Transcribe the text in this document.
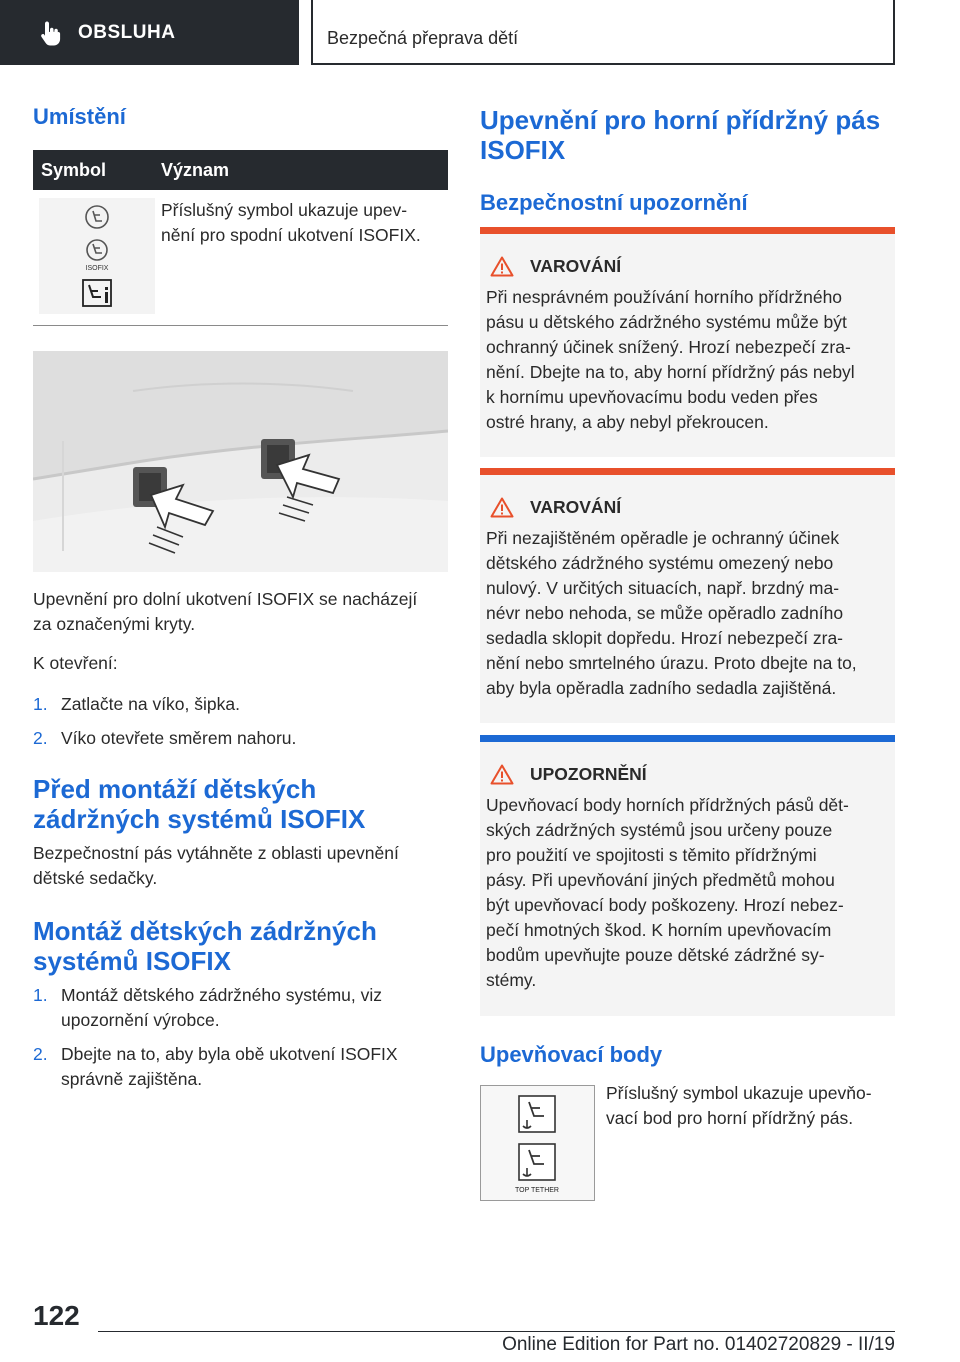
OBSLUHA	Bezpečná přeprava dětí
Umístění
Symbol	Význam
ISOFIX
Příslušný symbol ukazuje upev-
nění pro spodní ukotvení ISOFIX.
Upevnění pro dolní ukotvení ISOFIX se nacházejí
za označenými kryty.
K otevření:
1. Zatlačte na víko, šipka.
2. Víko otevřete směrem nahoru.
Před montáží dětských
zádržných systémů ISOFIX
Bezpečnostní pás vytáhněte z oblasti upevnění
dětské sedačky.
Montáž dětských zádržných
systémů ISOFIX
1. Montáž dětského zádržného systému, viz
upozornění výrobce.
2. Dbejte na to, aby byla obě ukotvení ISOFIX
správně zajištěna.
Upevnění pro horní přídržný pás
ISOFIX
Bezpečnostní upozornění
VAROVÁNÍ
Při nesprávném používání horního přídržného
pásu u dětského zádržného systému může být
ochranný účinek snížený. Hrozí nebezpečí zra-
nění. Dbejte na to, aby horní přídržný pás nebyl
k hornímu upevňovacímu bodu veden přes
ostré hrany, a aby nebyl překroucen.
VAROVÁNÍ
Při nezajištěném opěradle je ochranný účinek
dětského zádržného systému omezený nebo
nulový. V určitých situacích, např. brzdný ma-
névr nebo nehoda, se může opěradlo zadního
sedadla sklopit dopředu. Hrozí nebezpečí zra-
nění nebo smrtelného úrazu. Proto dbejte na to,
aby byla opěradla zadního sedadla zajištěná.
UPOZORNĚNÍ
Upevňovací body horních přídržných pásů dět-
ských zádržných systémů jsou určeny pouze
pro použití ve spojitosti s těmito přídržnými
pásy. Při upevňování jiných předmětů mohou
být upevňovací body poškozeny. Hrozí nebez-
pečí hmotných škod. K horním upevňovacím
bodům upevňujte pouze dětské zádržné sy-
stémy.
Upevňovací body
TOP TETHER
Příslušný symbol ukazuje upevňo-
vací bod pro horní přídržný pás.
122
Online Edition for Part no. 01402720829 - II/19
